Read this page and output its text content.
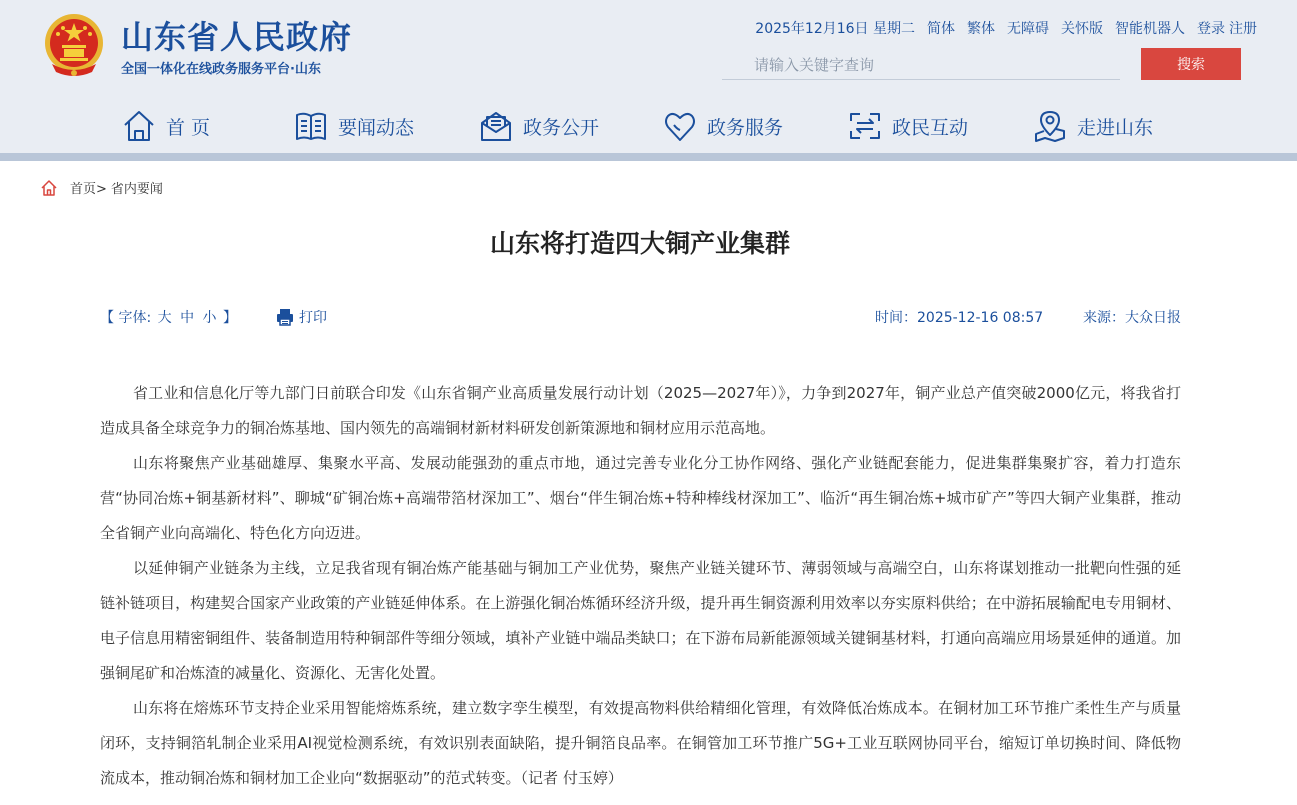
山东省人民政府
全国一体化在线政务服务平台·山东
2025年12月16日 星期二 简体 繁体 无障碍 关怀版 智能机器人 登录 注册
请输入关键字查询
搜索
首 页	要闻动态	政务公开	政务服务	政民互动	走进山东
首页> 省内要闻
山东将打造四大铜产业集群
【 字体: 大 中 小 】	打印	时间：2025-12-16 08:57	来源：大众日报

省工业和信息化厅等九部门日前联合印发《山东省铜产业高质量发展行动计划（2025—2027年）》，力争到2027年，铜产业总产值突破2000亿元，将我省打造成具备全球竞争力的铜冶炼基地、国内领先的高端铜材新材料研发创新策源地和铜材应用示范高地。

山东将聚焦产业基础雄厚、集聚水平高、发展动能强劲的重点市地，通过完善专业化分工协作网络、强化产业链配套能力，促进集群集聚扩容，着力打造东营“协同冶炼+铜基新材料”、聊城“矿铜冶炼+高端带箔材深加工”、烟台“伴生铜冶炼+特种棒线材深加工”、临沂“再生铜冶炼+城市矿产”等四大铜产业集群，推动全省铜产业向高端化、特色化方向迈进。

以延伸铜产业链条为主线，立足我省现有铜冶炼产能基础与铜加工产业优势，聚焦产业链关键环节、薄弱领域与高端空白，山东将谋划推动一批靶向性强的延链补链项目，构建契合国家产业政策的产业链延伸体系。在上游强化铜冶炼循环经济升级，提升再生铜资源利用效率以夯实原料供给；在中游拓展输配电专用铜材、电子信息用精密铜组件、装备制造用特种铜部件等细分领域，填补产业链中端品类缺口；在下游布局新能源领域关键铜基材料，打通向高端应用场景延伸的通道。加强铜尾矿和冶炼渣的减量化、资源化、无害化处置。

山东将在熔炼环节支持企业采用智能熔炼系统，建立数字孪生模型，有效提高物料供给精细化管理，有效降低冶炼成本。在铜材加工环节推广柔性生产与质量闭环，支持铜箔轧制企业采用AI视觉检测系统，有效识别表面缺陷，提升铜箔良品率。在铜管加工环节推广5G+工业互联网协同平台，缩短订单切换时间、降低物流成本，推动铜冶炼和铜材加工企业向“数据驱动”的范式转变。（记者 付玉婷）
